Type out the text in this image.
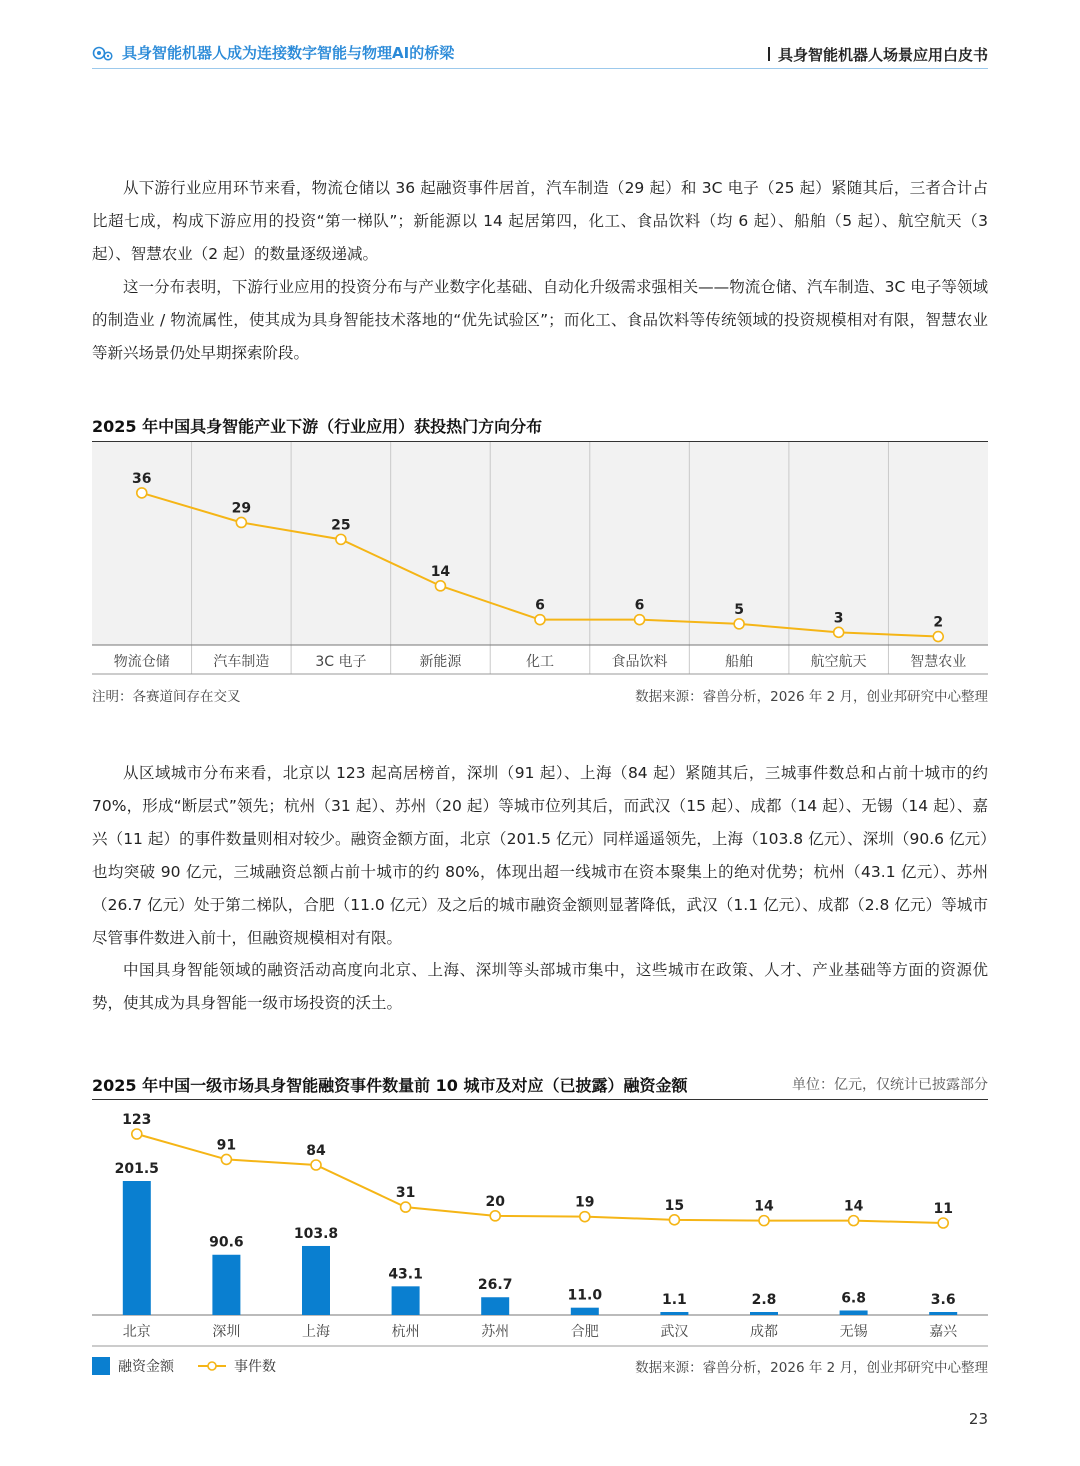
具身智能机器人成为连接数字智能与物理AI的桥梁	具身智能机器人场景应用白皮书

从下游行业应用环节来看，物流仓储以 36 起融资事件居首，汽车制造（29 起）和 3C 电子（25 起）紧随其后，三者合计占比超七成，构成下游应用的投资“第一梯队”；新能源以 14 起居第四，化工、食品饮料（均 6 起）、船舶（5 起）、航空航天（3 起）、智慧农业（2 起）的数量逐级递减。

这一分布表明，下游行业应用的投资分布与产业数字化基础、自动化升级需求强相关——物流仓储、汽车制造、3C 电子等领域的制造业 / 物流属性，使其成为具身智能技术落地的“优先试验区”；而化工、食品饮料等传统领域的投资规模相对有限，智慧农业等新兴场景仍处早期探索阶段。

2025 年中国具身智能产业下游（行业应用）获投热门方向分布
36
物流仓储
29
汽车制造
25
3C 电子
14
新能源
6
化工
6
食品饮料
5
船舶
3
航空航天
2
智慧农业
注明：各赛道间存在交叉	数据来源：睿兽分析，2026 年 2 月，创业邦研究中心整理

从区域城市分布来看，北京以 123 起高居榜首，深圳（91 起）、上海（84 起）紧随其后，三城事件数总和占前十城市的约 70%，形成“断层式”领先；杭州（31 起）、苏州（20 起）等城市位列其后，而武汉（15 起）、成都（14 起）、无锡（14 起）、嘉兴（11 起）的事件数量则相对较少。融资金额方面，北京（201.5 亿元）同样遥遥领先，上海（103.8 亿元）、深圳（90.6 亿元）也均突破 90 亿元，三城融资总额占前十城市的约 80%，体现出超一线城市在资本聚集上的绝对优势；杭州（43.1 亿元）、苏州（26.7 亿元）处于第二梯队，合肥（11.0 亿元）及之后的城市融资金额则显著降低，武汉（1.1 亿元）、成都（2.8 亿元）等城市尽管事件数进入前十，但融资规模相对有限。

中国具身智能领域的融资活动高度向北京、上海、深圳等头部城市集中，这些城市在政策、人才、产业基础等方面的资源优势，使其成为具身智能一级市场投资的沃土。

2025 年中国一级市场具身智能融资事件数量前 10 城市及对应（已披露）融资金额	单位：亿元，仅统计已披露部分
201.5
北京
90.6
深圳
103.8
上海
43.1
杭州
26.7
苏州
11.0
合肥
1.1
武汉
2.8
成都
6.8
无锡
3.6
嘉兴
123
91	84
31
20	19	15	14	14	11
融资金额	事件数	数据来源：睿兽分析，2026 年 2 月，创业邦研究中心整理
23
